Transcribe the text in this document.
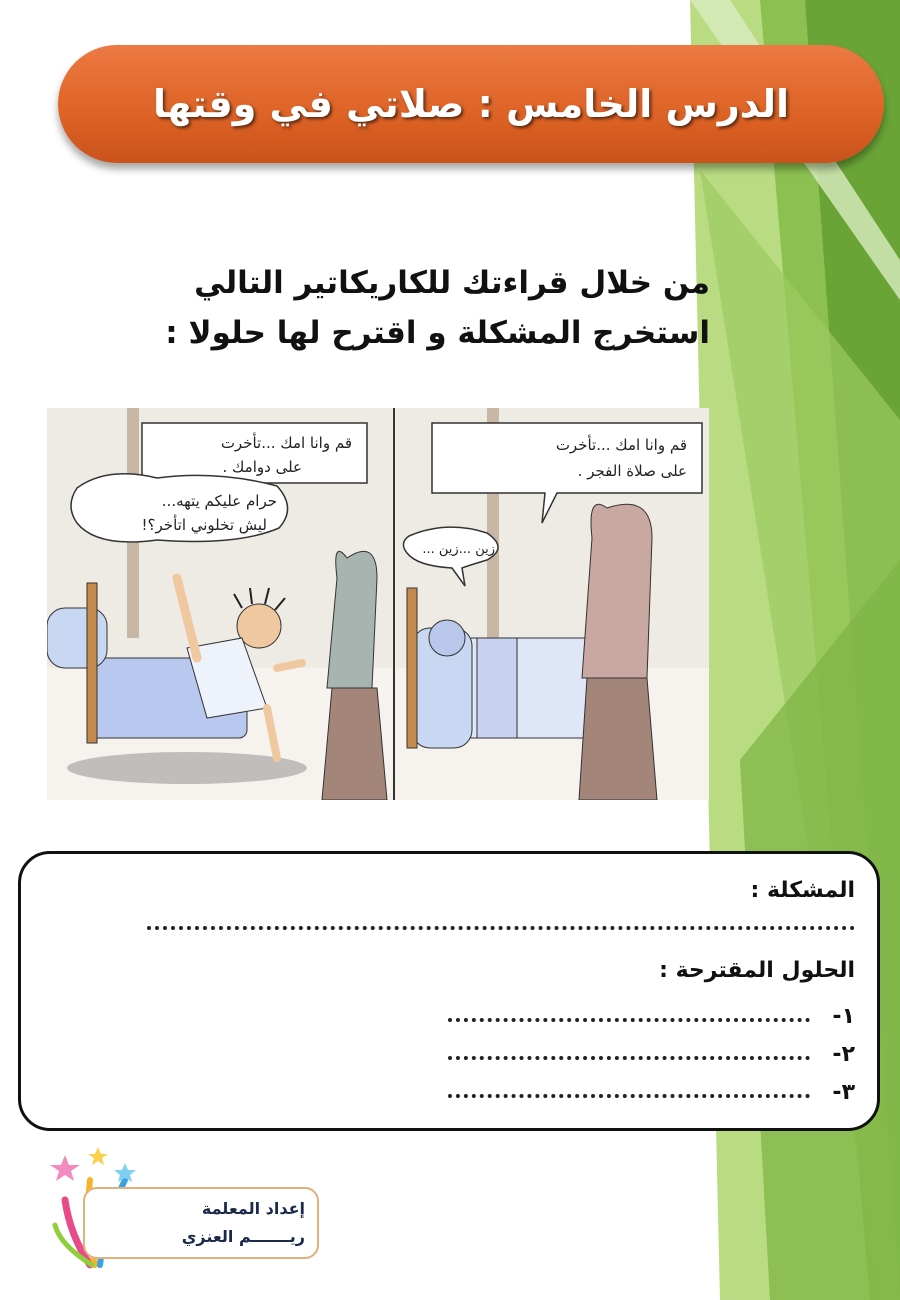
الدرس الخامس : صلاتي في وقتها
من خلال قراءتك للكاريكاتير التالي
استخرج المشكلة و اقترح لها حلولا :
قم وانا امك ...تأخرت
على دوامك .
حرام عليكم يتهه...
ليش تخلوني اتأخر؟!
قم وانا امك ...تأخرت
على صلاة الفجر .
زين ...زين ...
المشكلة :
الحلول المقترحة :
١-
٢-
٣-
إعداد المعلمة
ريـــــــم العنزي
